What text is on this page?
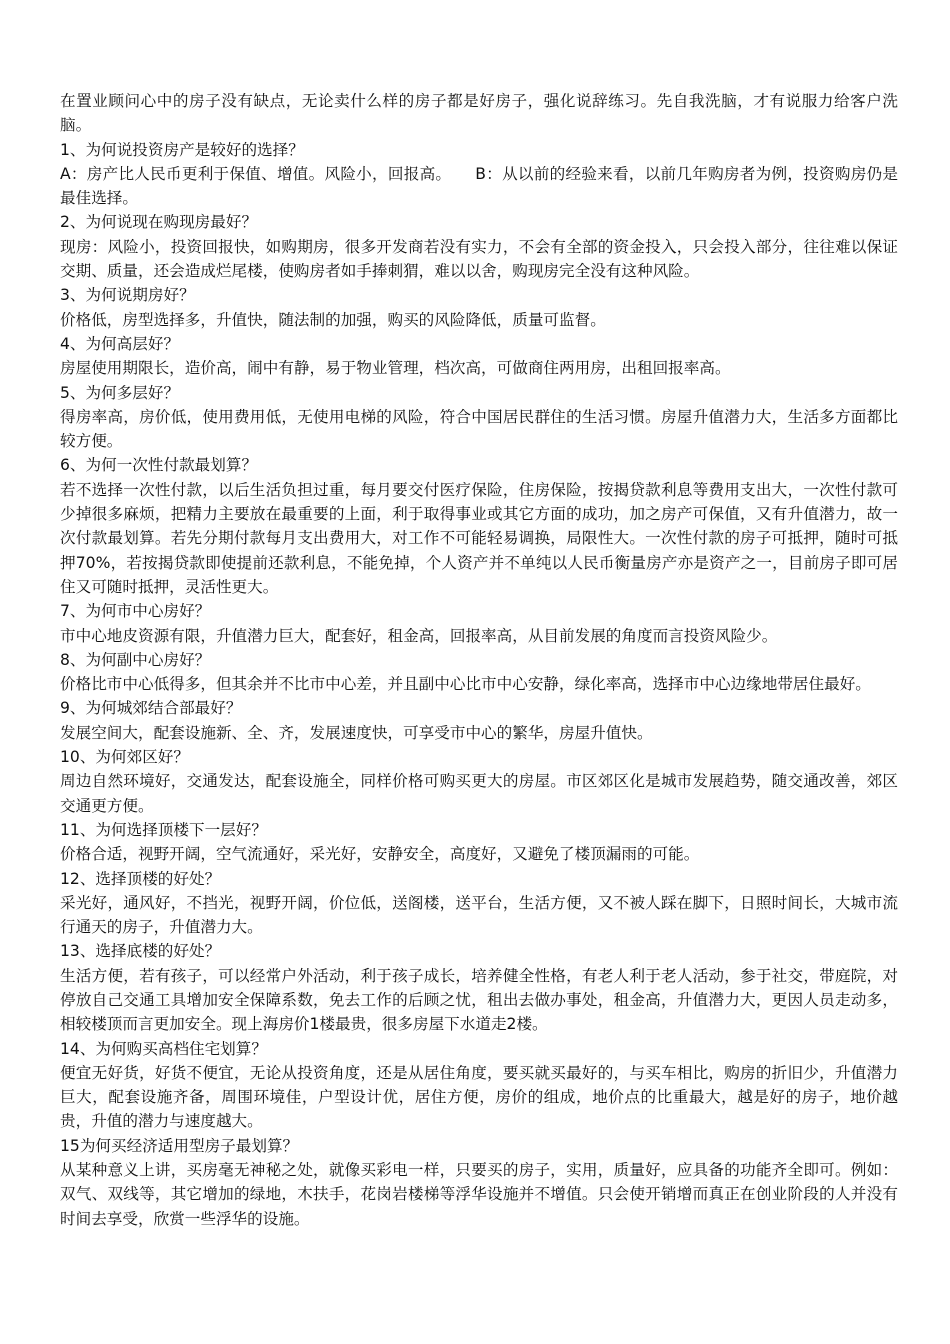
在置业顾问心中的房子没有缺点，无论卖什么样的房子都是好房子，强化说辞练习。先自我洗脑，才有说服力给客户洗脑。

1、为何说投资房产是较好的选择？

A：房产比人民币更利于保值、增值。风险小，回报高。 B：从以前的经验来看，以前几年购房者为例，投资购房仍是最佳选择。

2、为何说现在购现房最好？

现房：风险小，投资回报快，如购期房，很多开发商若没有实力，不会有全部的资金投入，只会投入部分，往往难以保证交期、质量，还会造成烂尾楼，使购房者如手捧刺猬，难以以舍，购现房完全没有这种风险。

3、为何说期房好？

价格低，房型选择多，升值快，随法制的加强，购买的风险降低，质量可监督。

4、为何高层好？

房屋使用期限长，造价高，闹中有静，易于物业管理，档次高，可做商住两用房，出租回报率高。

5、为何多层好？

得房率高，房价低，使用费用低，无使用电梯的风险，符合中国居民群住的生活习惯。房屋升值潜力大，生活多方面都比较方便。

6、为何一次性付款最划算？

若不选择一次性付款，以后生活负担过重，每月要交付医疗保险，住房保险，按揭贷款利息等费用支出大，一次性付款可少掉很多麻烦，把精力主要放在最重要的上面，利于取得事业或其它方面的成功，加之房产可保值，又有升值潜力，故一次付款最划算。若先分期付款每月支出费用大，对工作不可能轻易调换，局限性大。一次性付款的房子可抵押，随时可抵押70%，若按揭贷款即使提前还款利息，不能免掉，个人资产并不单纯以人民币衡量房产亦是资产之一，目前房子即可居住又可随时抵押，灵活性更大。

7、为何市中心房好？

市中心地皮资源有限，升值潜力巨大，配套好，租金高，回报率高，从目前发展的角度而言投资风险少。

8、为何副中心房好？

价格比市中心低得多，但其余并不比市中心差，并且副中心比市中心安静，绿化率高，选择市中心边缘地带居住最好。

9、为何城郊结合部最好？

发展空间大，配套设施新、全、齐，发展速度快，可享受市中心的繁华，房屋升值快。

10、为何郊区好？

周边自然环境好，交通发达，配套设施全，同样价格可购买更大的房屋。市区郊区化是城市发展趋势，随交通改善，郊区交通更方便。

11、为何选择顶楼下一层好？

价格合适，视野开阔，空气流通好，采光好，安静安全，高度好，又避免了楼顶漏雨的可能。

12、选择顶楼的好处？

采光好，通风好，不挡光，视野开阔，价位低，送阁楼，送平台，生活方便，又不被人踩在脚下，日照时间长，大城市流行通天的房子，升值潜力大。

13、选择底楼的好处？

生活方便，若有孩子，可以经常户外活动，利于孩子成长，培养健全性格，有老人利于老人活动，参于社交，带庭院，对停放自己交通工具增加安全保障系数，免去工作的后顾之忧，租出去做办事处，租金高，升值潜力大，更因人员走动多，相较楼顶而言更加安全。现上海房价1楼最贵，很多房屋下水道走2楼。

14、为何购买高档住宅划算？

便宜无好货，好货不便宜，无论从投资角度，还是从居住角度，要买就买最好的，与买车相比，购房的折旧少，升值潜力巨大，配套设施齐备，周围环境佳，户型设计优，居住方便，房价的组成，地价点的比重最大，越是好的房子，地价越贵，升值的潜力与速度越大。

15为何买经济适用型房子最划算？

从某种意义上讲，买房毫无神秘之处，就像买彩电一样，只要买的房子，实用，质量好，应具备的功能齐全即可。例如：双气、双线等，其它增加的绿地，木扶手，花岗岩楼梯等浮华设施并不增值。只会使开销增而真正在创业阶段的人并没有时间去享受，欣赏一些浮华的设施。
